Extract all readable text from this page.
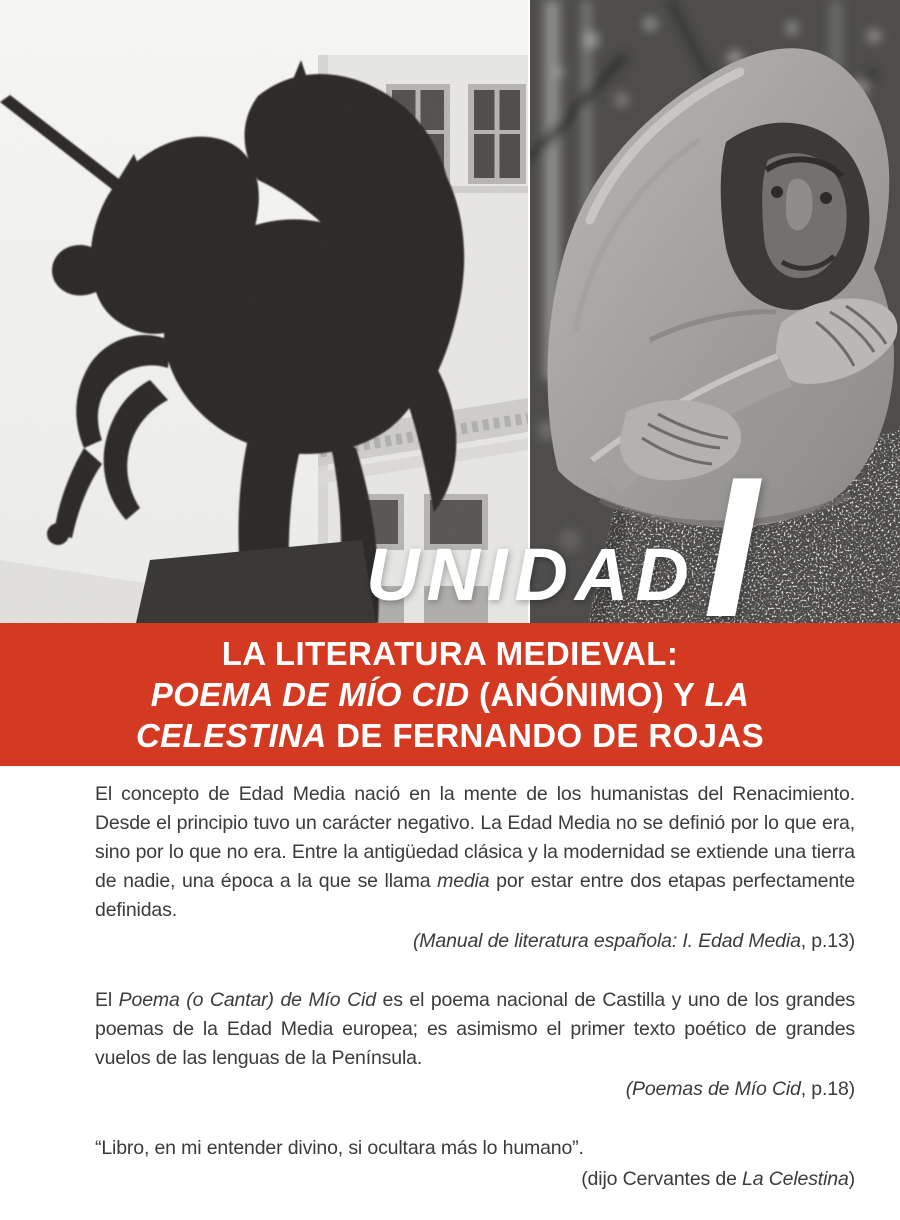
UNIDAD I
LA LITERATURA MEDIEVAL:
POEMA DE MÍO CID (ANÓNIMO) Y LA
CELESTINA DE FERNANDO DE ROJAS

El concepto de Edad Media nació en la mente de los humanistas del Renacimiento. Desde el principio tuvo un carácter negativo. La Edad Media no se definió por lo que era, sino por lo que no era. Entre la antigüedad clásica y la modernidad se extiende una tierra de nadie, una época a la que se llama media por estar entre dos etapas perfectamente definidas.

(Manual de literatura española: I. Edad Media, p.13)

El Poema (o Cantar) de Mío Cid es el poema nacional de Castilla y uno de los grandes poemas de la Edad Media europea; es asimismo el primer texto poético de grandes vuelos de las lenguas de la Península.

(Poemas de Mío Cid, p.18)

“Libro, en mi entender divino, si ocultara más lo humano”.

(dijo Cervantes de La Celestina)
